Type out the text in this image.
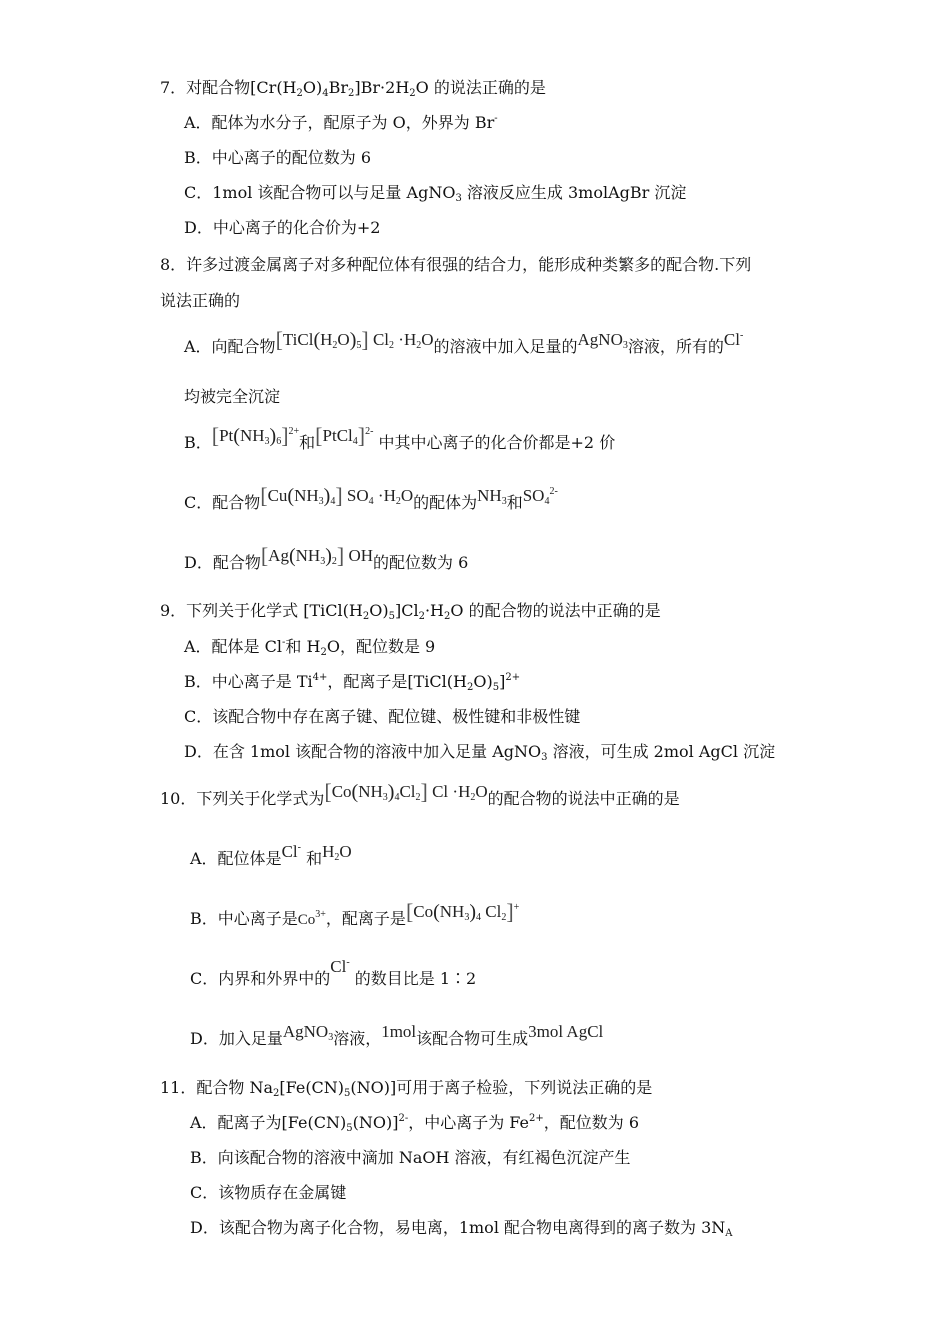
7．对配合物$[Cr(H_2O)_4Br_2]Br\cdot 2H_2O$ 的说法正确的是
A．配体为水分子，配原子为 O，外界为 Br-
B．中心离子的配位数为 6
C．1mol 该配合物可以与足量 AgNO$_3$ 溶液反应生成 3molAgBr 沉淀
D．中心离子的化合价为+2
8．许多过渡金属离子对多种配位体有很强的结合力，能形成种类繁多的配合物.下列
说法正确的
A．向配合物$[TiCl(H_2O)_5]$ $Cl_2 \cdot H_2O$的溶液中加入足量的AgNO$_3$溶液，所有的Cl-
均被完全沉淀
B．$[Pt(NH_3)_6]^{2+}$和[PtCl$_4$]$^{2-}$ 中其中心离子的化合价都是+2 价
C．配合物$[Cu(NH_3)_4]$ $SO_4 \cdot H_2O$的配体为$NH_3$和$SO_4^{2-}$
D．配合物$[Ag(NH_3)_2]$ OH的配位数为 6
9．下列关于化学式 $[TiCl(H_2O)_5]Cl_2\cdot H_2O$ 的配合物的说法中正确的是
A．配体是 Cl-和 $H_2O$，配位数是 9
B．中心离子是 $Ti^{4+}$，配离子是$[TiCl(H_2O)_5]^{2+}$
C．该配合物中存在离子键、配位键、极性键和非极性键
D．在含 1mol 该配合物的溶液中加入足量 AgNO$_3$ 溶液，可生成 2mol AgCl 沉淀
10．下列关于化学式为$[Co(NH_3)_4Cl_2]$ $Cl \cdot H_2O$的配合物的说法中正确的是
A．配位体是Cl- 和$H_2O$
B．中心离子是$Co^{3+}$，配离子是[$Co(NH_3)_4$ $Cl_2]^+$
C．内界和外界中的Cl- 的数目比是 1∶2
D．加入足量AgNO$_3$溶液，1mol该配合物可生成3mol AgCl
11．配合物 $Na_2[Fe(CN)_5(NO)]$可用于离子检验，下列说法正确的是
A．配离子为$[Fe(CN)_5(NO)]^{2-}$，中心离子为 $Fe^{2+}$，配位数为 6
B．向该配合物的溶液中滴加 NaOH 溶液，有红褐色沉淀产生
C．该物质存在金属键
D．该配合物为离子化合物，易电离，1mol 配合物电离得到的离子数为 $3N_A$
